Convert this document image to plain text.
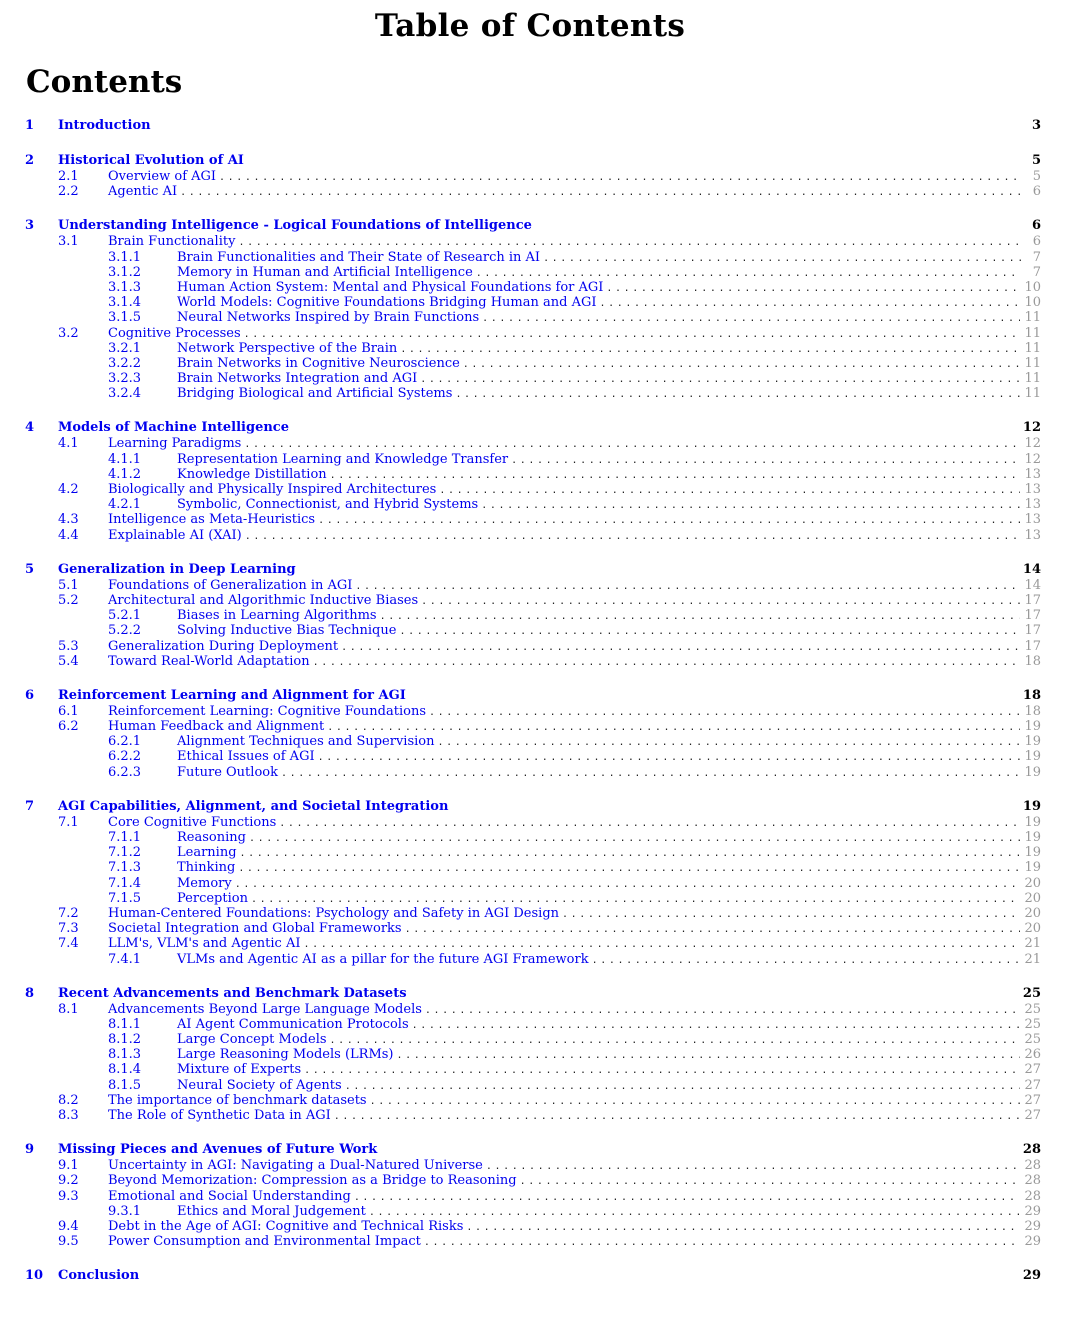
Table of Contents
Contents
1	Introduction	3
2	Historical Evolution of AI	5
2.1	Overview of AGI .....	5
2.2	Agentic AI .....	6
3	Understanding Intelligence - Logical Foundations of Intelligence	6
3.1	Brain Functionality .....	6
3.1.1	Brain Functionalities and Their State of Research in AI .....	7
3.1.2	Memory in Human and Artificial Intelligence .....	7
3.1.3	Human Action System: Mental and Physical Foundations for AGI .....	10
3.1.4	World Models: Cognitive Foundations Bridging Human and AGI .....	10
3.1.5	Neural Networks Inspired by Brain Functions .....	11
3.2	Cognitive Processes .....	11
3.2.1	Network Perspective of the Brain .....	11
3.2.2	Brain Networks in Cognitive Neuroscience .....	11
3.2.3	Brain Networks Integration and AGI .....	11
3.2.4	Bridging Biological and Artificial Systems .....	11
4	Models of Machine Intelligence	12
4.1	Learning Paradigms .....	12
4.1.1	Representation Learning and Knowledge Transfer .....	12
4.1.2	Knowledge Distillation .....	13
4.2	Biologically and Physically Inspired Architectures .....	13
4.2.1	Symbolic, Connectionist, and Hybrid Systems .....	13
4.3	Intelligence as Meta-Heuristics .....	13
4.4	Explainable AI (XAI) .....	13
5	Generalization in Deep Learning	14
5.1	Foundations of Generalization in AGI .....	14
5.2	Architectural and Algorithmic Inductive Biases .....	17
5.2.1	Biases in Learning Algorithms .....	17
5.2.2	Solving Inductive Bias Technique .....	17
5.3	Generalization During Deployment .....	17
5.4	Toward Real-World Adaptation .....	18
6	Reinforcement Learning and Alignment for AGI	18
6.1	Reinforcement Learning: Cognitive Foundations .....	18
6.2	Human Feedback and Alignment .....	19
6.2.1	Alignment Techniques and Supervision .....	19
6.2.2	Ethical Issues of AGI .....	19
6.2.3	Future Outlook .....	19
7	AGI Capabilities, Alignment, and Societal Integration	19
7.1	Core Cognitive Functions .....	19
7.1.1	Reasoning .....	19
7.1.2	Learning .....	19
7.1.3	Thinking .....	19
7.1.4	Memory .....	20
7.1.5	Perception .....	20
7.2	Human-Centered Foundations: Psychology and Safety in AGI Design .....	20
7.3	Societal Integration and Global Frameworks .....	20
7.4	LLM's, VLM's and Agentic AI .....	21
7.4.1	VLMs and Agentic AI as a pillar for the future AGI Framework .....	21
8	Recent Advancements and Benchmark Datasets	25
8.1	Advancements Beyond Large Language Models .....	25
8.1.1	AI Agent Communication Protocols .....	25
8.1.2	Large Concept Models .....	25
8.1.3	Large Reasoning Models (LRMs) .....	26
8.1.4	Mixture of Experts .....	27
8.1.5	Neural Society of Agents .....	27
8.2	The importance of benchmark datasets .....	27
8.3	The Role of Synthetic Data in AGI .....	27
9	Missing Pieces and Avenues of Future Work	28
9.1	Uncertainty in AGI: Navigating a Dual-Natured Universe .....	28
9.2	Beyond Memorization: Compression as a Bridge to Reasoning .....	28
9.3	Emotional and Social Understanding .....	28
9.3.1	Ethics and Moral Judgement .....	29
9.4	Debt in the Age of AGI: Cognitive and Technical Risks .....	29
9.5	Power Consumption and Environmental Impact .....	29
10	Conclusion	29
